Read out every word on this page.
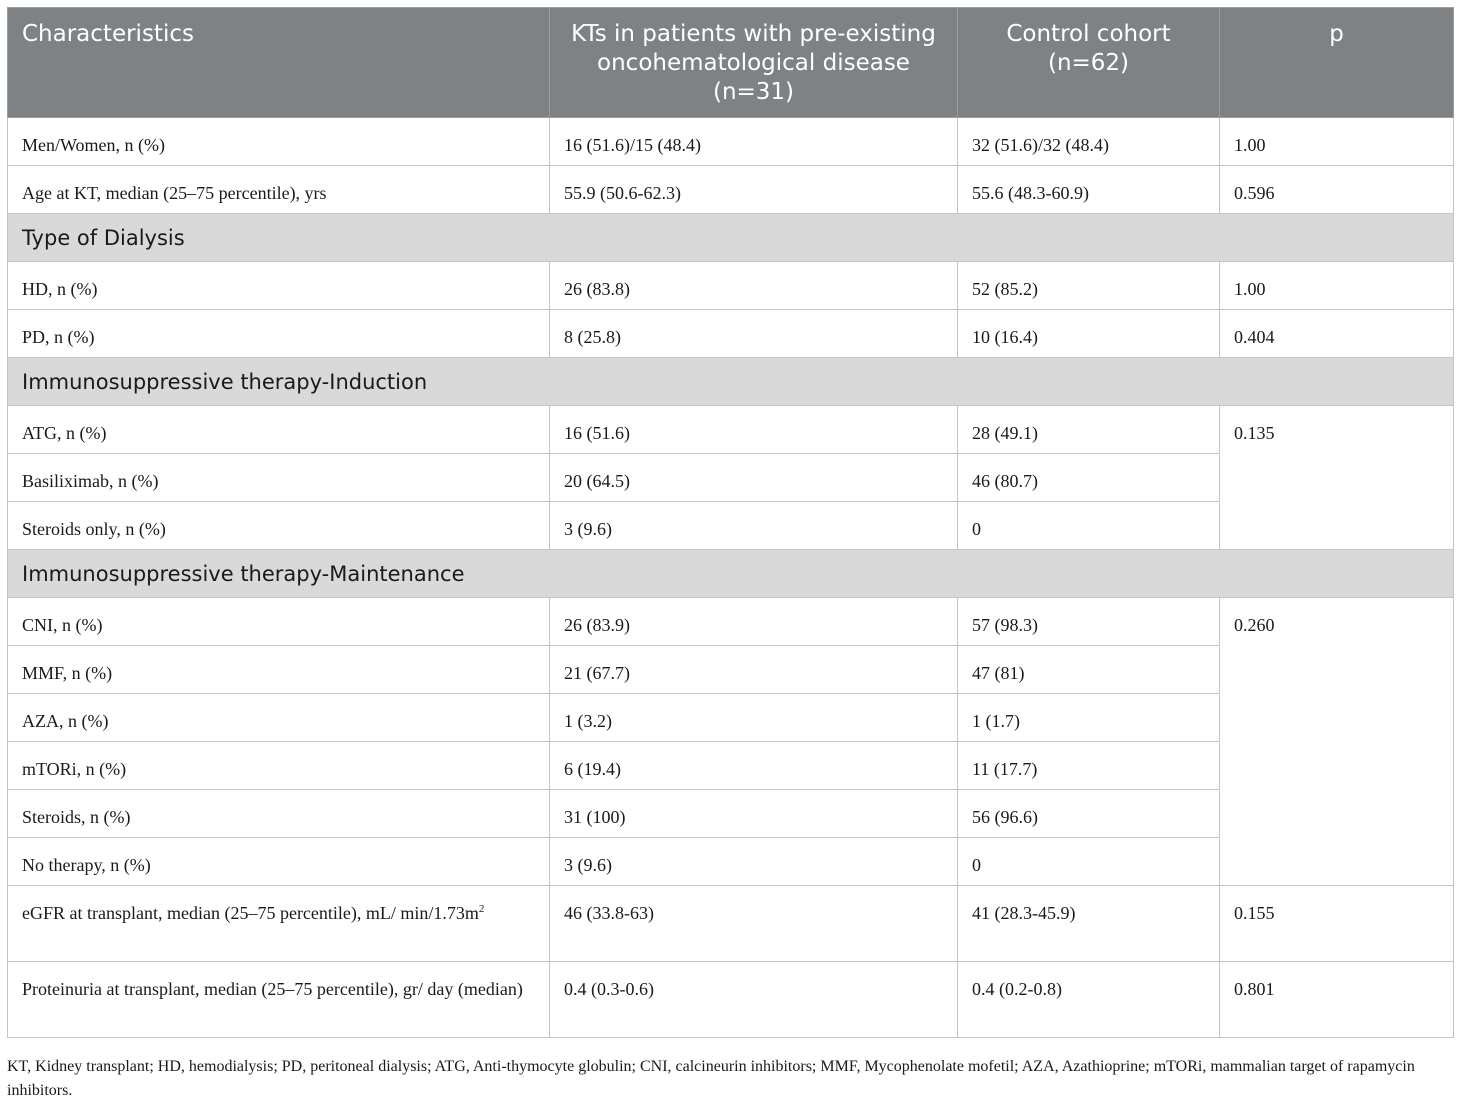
Characteristics	KTs in patients with pre-existing oncohematological disease (n=31)	Control cohort (n=62)	p
Men/Women, n (%)	16 (51.6)/15 (48.4)	32 (51.6)/32 (48.4)	1.00
Age at KT, median (25–75 percentile), yrs	55.9 (50.6-62.3)	55.6 (48.3-60.9)	0.596
Type of Dialysis			
HD, n (%)	26 (83.8)	52 (85.2)	1.00
PD, n (%)	8 (25.8)	10 (16.4)	0.404
Immunosuppressive therapy-Induction			
ATG, n (%)	16 (51.6)	28 (49.1)	0.135
Basiliximab, n (%)	20 (64.5)	46 (80.7)	
Steroids only, n (%)	3 (9.6)	0	
Immunosuppressive therapy-Maintenance			
CNI, n (%)	26 (83.9)	57 (98.3)	0.260
MMF, n (%)	21 (67.7)	47 (81)	
AZA, n (%)	1 (3.2)	1 (1.7)	
mTORi, n (%)	6 (19.4)	11 (17.7)	
Steroids, n (%)	31 (100)	56 (96.6)	
No therapy, n (%)	3 (9.6)	0	
eGFR at transplant, median (25–75 percentile), mL/ $\min/1.73m^2$	46 (33.8-63)	41 (28.3-45.9)	0.155
Proteinuria at transplant, median (25–75 percentile), gr/ day (median)	0.4 (0.3-0.6)	0.4 (0.2-0.8)	0.801
KT, Kidney transplant; HD, hemodialysis; PD, peritoneal dialysis; ATG, Anti-thymocyte globulin; CNI, calcineurin inhibitors; MMF, Mycophenolate mofetil; AZA, Azathioprine; mTORi, mammalian target of rapamycin inhibitors.
